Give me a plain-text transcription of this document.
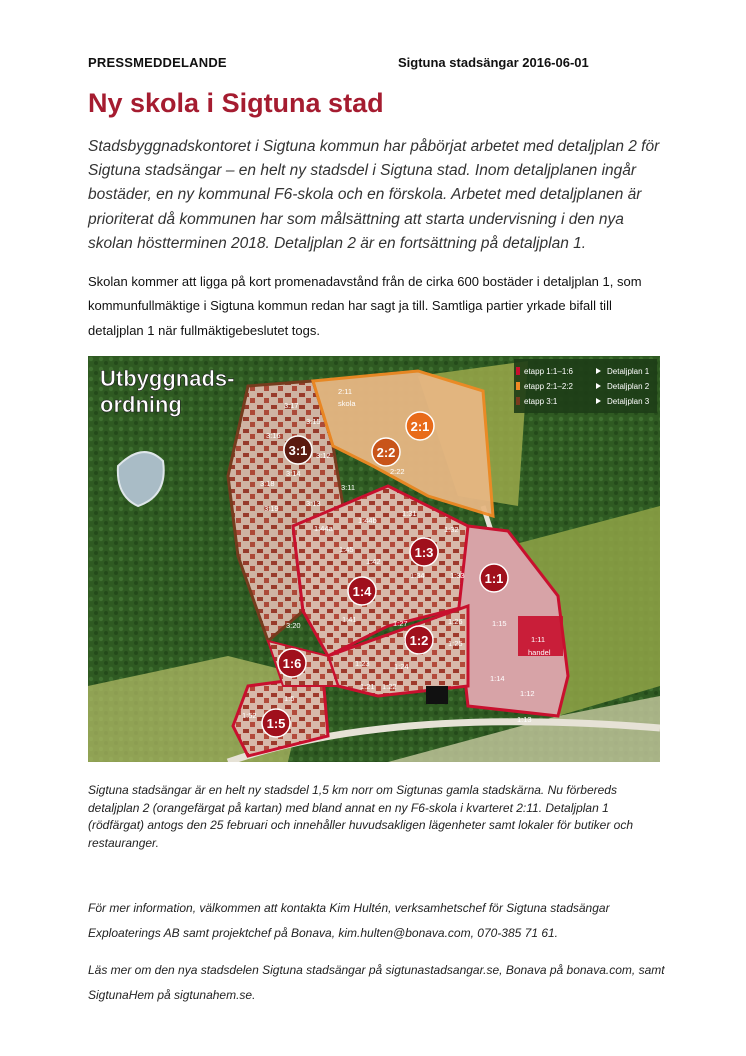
PRESSMEDDELANDE	Sigtuna stadsängar 2016-06-01
Ny skola i Sigtuna stad
Stadsbyggnadskontoret i Sigtuna kommun har påbörjat arbetet med detaljplan 2 för Sigtuna stadsängar – en helt ny stadsdel i Sigtuna stad. Inom detaljplanen ingår bostäder, en ny kommunal F6-skola och en förskola. Arbetet med detaljplanen är prioriterat då kommunen har som målsättning att starta undervisning i den nya skolan höstterminen 2018. Detaljplan 2 är en fortsättning på detaljplan 1.
Skolan kommer att ligga på kort promenadavstånd från de cirka 600 bostäder i detaljplan 1, som kommunfullmäktige i Sigtuna kommun redan har sagt ja till. Samtliga partier yrkade bifall till detaljplan 1 när fullmäktigebeslutet togs.
Utbyggnads-
ordning
etapp 1:1–1:6	Detaljplan 1
etapp 2:1–2:2	Detaljplan 2
etapp 3:1	Detaljplan 3
3:1
2:1
2:2
1:1
1:2
1:3
1:4
1:5
1:6
3:17
3:15
3:16
3:12
3:14
3:18	3:11
3:13
3:19
3:20
2:11
skola
2:22
1:44a
1:44b
1:31
1:32
1:45
1:42
1:34	1:33
1:41	1:27	1:26
1:25
1:15
1:11
handel
1:23	1:24
1:21 1:22
1:14
1:12
1:13
1:5
1:52
Sigtuna stadsängar är en helt ny stadsdel 1,5 km norr om Sigtunas gamla stadskärna. Nu förbereds detaljplan 2 (orangefärgat på kartan) med bland annat en ny F6-skola i kvarteret 2:11. Detaljplan 1 (rödfärgat) antogs den 25 februari och innehåller huvudsakligen lägenheter samt lokaler för butiker och restauranger.
För mer information, välkommen att kontakta Kim Hultén, verksamhetschef för Sigtuna stadsängar Exploaterings AB samt projektchef på Bonava, kim.hulten@bonava.com, 070-385 71 61.
Läs mer om den nya stadsdelen Sigtuna stadsängar på sigtunastadsangar.se, Bonava på bonava.com, samt SigtunaHem på sigtunahem.se.
